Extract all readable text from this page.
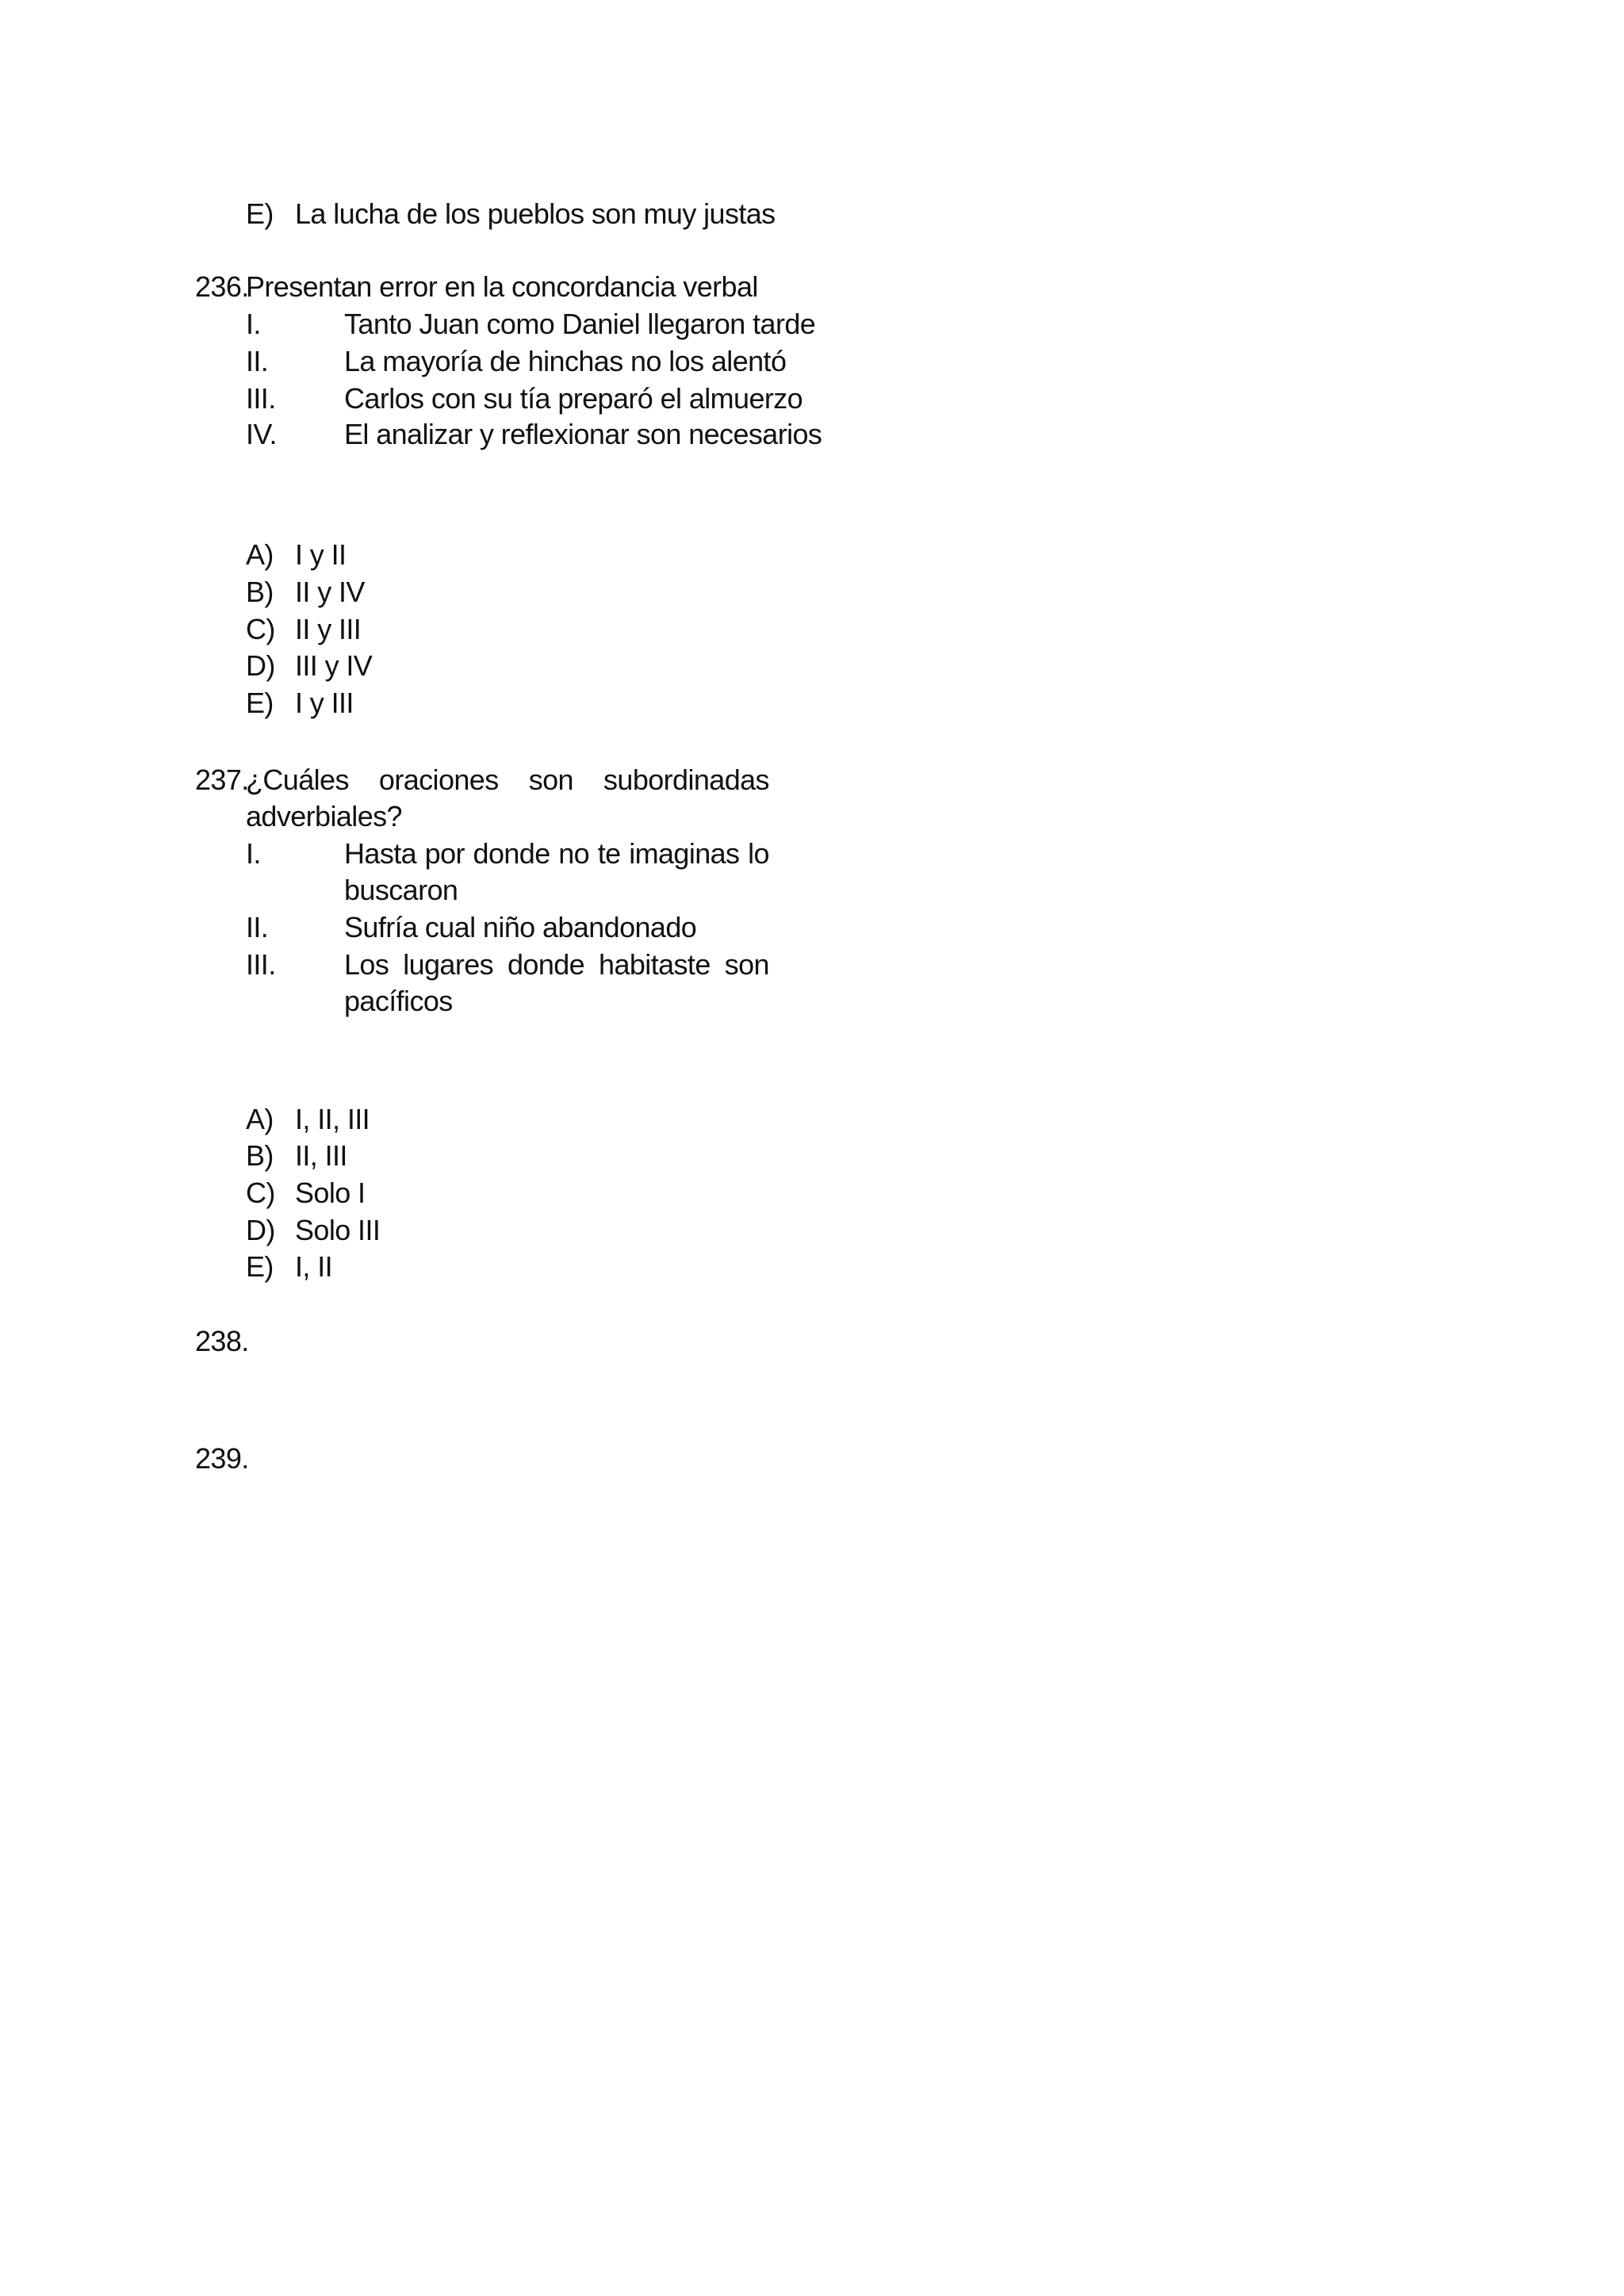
E) La lucha de los pueblos son muy justas
236.
Presentan error en la concordancia verbal
I.	Tanto Juan como Daniel llegaron tarde
II.	La mayoría de hinchas no los alentó
III. Carlos con su tía preparó el almuerzo
IV. El analizar y reflexionar son necesarios
A) I y II
B) II y IV
C) II y III
D) III y IV
E) I y III
237.
¿Cuáles oraciones son subordinadas
adverbiales?
I.	Hasta por donde no te imaginas lo
buscaron
II.	Sufría cual niño abandonado
III. Los lugares donde habitaste son
pacíficos
A) I, II, III
B) II, III
C) Solo I
D) Solo III
E) I, II
238.
239.
